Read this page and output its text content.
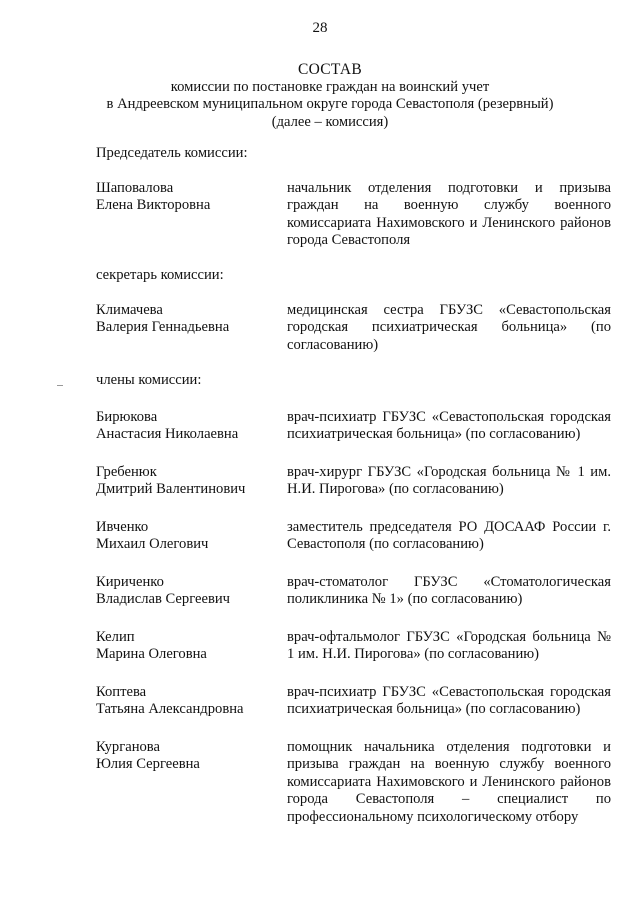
28
СОСТАВ
комиссии по постановке граждан на воинский учет
в Андреевском муниципальном округе города Севастополя (резервный)
(далее – комиссия)
Председатель комиссии:
Шаповалова
Елена Викторовна
начальник отделения подготовки и призыва граждан на военную службу военного комиссариата Нахимовского и Ленинского районов города Севастополя
секретарь комиссии:
Климачева
Валерия Геннадьевна
медицинская сестра ГБУЗС «Севастопольская городская психиатрическая больница» (по согласованию)
члены комиссии:
Бирюкова
Анастасия Николаевна
врач-психиатр ГБУЗС «Севастопольская городская психиатрическая больница» (по согласованию)
Гребенюк
Дмитрий Валентинович
врач-хирург ГБУЗС «Городская больница № 1 им. Н.И. Пирогова» (по согласованию)
Ивченко
Михаил Олегович
заместитель председателя РО ДОСААФ России г. Севастополя (по согласованию)
Кириченко
Владислав Сергеевич
врач-стоматолог ГБУЗС «Стоматологическая поликлиника № 1» (по согласованию)
Келип
Марина Олеговна
врач-офтальмолог ГБУЗС «Городская больница № 1 им. Н.И. Пирогова» (по согласованию)
Коптева
Татьяна Александровна
врач-психиатр ГБУЗС «Севастопольская городская психиатрическая больница» (по согласованию)
Курганова
Юлия Сергеевна
помощник начальника отделения подготовки и призыва граждан на военную службу военного комиссариата Нахимовского и Ленинского районов города Севастополя – специалист по профессиональному психологическому отбору
